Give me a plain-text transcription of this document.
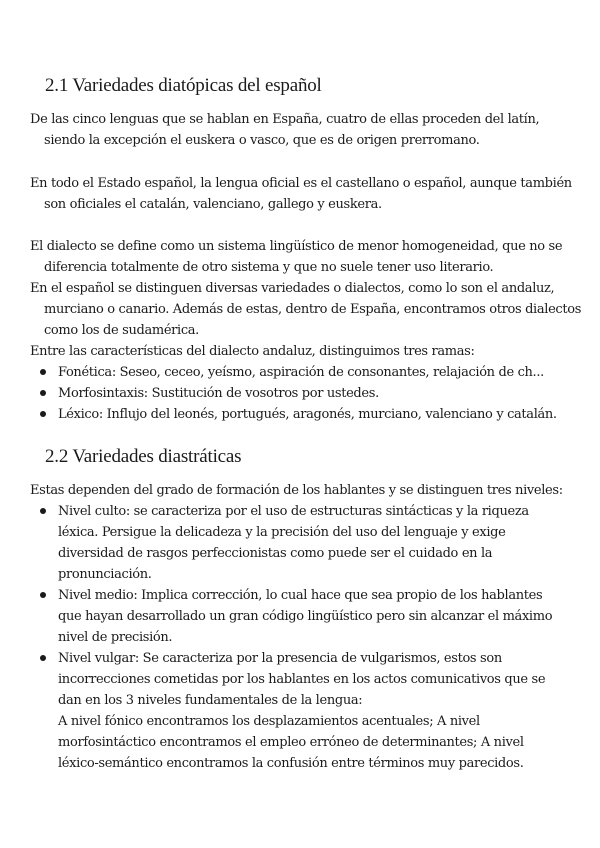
2.1 Variedades diatópicas del español

De las cinco lenguas que se hablan en España, cuatro de ellas proceden del latín, siendo la excepción el euskera o vasco, que es de origen prerromano.

En todo el Estado español, la lengua oficial es el castellano o español, aunque también son oficiales el catalán, valenciano, gallego y euskera.

El dialecto se define como un sistema lingüístico de menor homogeneidad, que no se diferencia totalmente de otro sistema y que no suele tener uso literario.

En el español se distinguen diversas variedades o dialectos, como lo son el andaluz, murciano o canario. Además de estas, dentro de España, encontramos otros dialectos como los de sudamérica.

Entre las características del dialecto andaluz, distinguimos tres ramas:

Fonética: Seseo, ceceo, yeísmo, aspiración de consonantes, relajación de ch...
Morfosintaxis: Sustitución de vosotros por ustedes.
Léxico: Influjo del leonés, portugués, aragonés, murciano, valenciano y catalán.
2.2 Variedades diastráticas

Estas dependen del grado de formación de los hablantes y se distinguen tres niveles:

Nivel culto: se caracteriza por el uso de estructuras sintácticas y la riqueza léxica. Persigue la delicadeza y la precisión del uso del lenguaje y exige diversidad de rasgos perfeccionistas como puede ser el cuidado en la pronunciación.
Nivel medio: Implica corrección, lo cual hace que sea propio de los hablantes que hayan desarrollado un gran código lingüístico pero sin alcanzar el máximo nivel de precisión.
Nivel vulgar: Se caracteriza por la presencia de vulgarismos, estos son incorrecciones cometidas por los hablantes en los actos comunicativos que se dan en los 3 niveles fundamentales de la lengua:
A nivel fónico encontramos los desplazamientos acentuales; A nivel morfosintáctico encontramos el empleo erróneo de determinantes; A nivel léxico-semántico encontramos la confusión entre términos muy parecidos.
